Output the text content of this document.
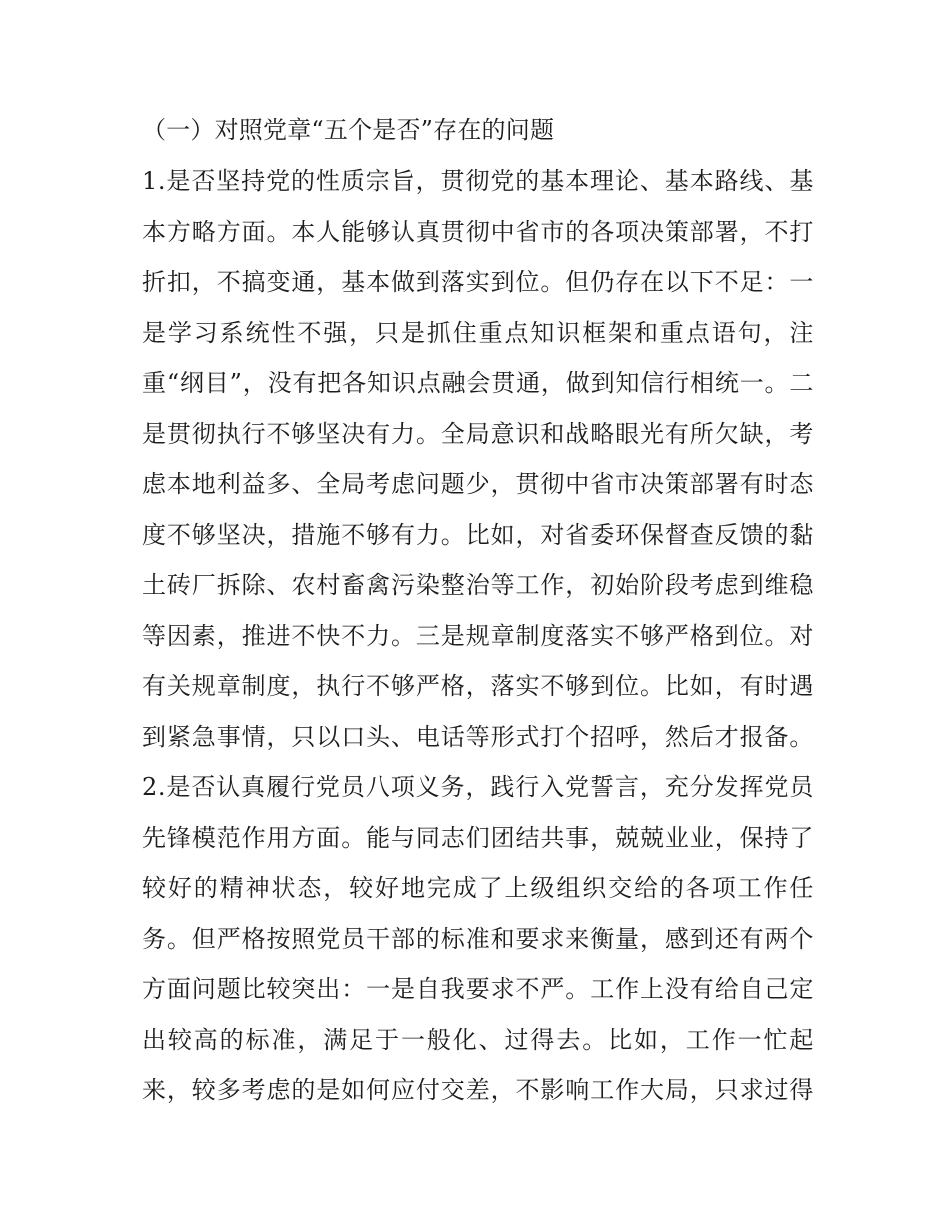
（一）对照党章“五个是否”存在的问题
1.是否坚持党的性质宗旨，贯彻党的基本理论、基本路线、基
本方略方面。本人能够认真贯彻中省市的各项决策部署，不打
折扣，不搞变通，基本做到落实到位。但仍存在以下不足：一
是学习系统性不强，只是抓住重点知识框架和重点语句，注
重“纲目”，没有把各知识点融会贯通，做到知信行相统一。二
是贯彻执行不够坚决有力。全局意识和战略眼光有所欠缺，考
虑本地利益多、全局考虑问题少，贯彻中省市决策部署有时态
度不够坚决，措施不够有力。比如，对省委环保督查反馈的黏
土砖厂拆除、农村畜禽污染整治等工作，初始阶段考虑到维稳
等因素，推进不快不力。三是规章制度落实不够严格到位。对
有关规章制度，执行不够严格，落实不够到位。比如，有时遇
到紧急事情，只以口头、电话等形式打个招呼，然后才报备。
2.是否认真履行党员八项义务，践行入党誓言，充分发挥党员
先锋模范作用方面。能与同志们团结共事，兢兢业业，保持了
较好的精神状态，较好地完成了上级组织交给的各项工作任
务。但严格按照党员干部的标准和要求来衡量，感到还有两个
方面问题比较突出：一是自我要求不严。工作上没有给自己定
出较高的标准，满足于一般化、过得去。比如，工作一忙起
来，较多考虑的是如何应付交差，不影响工作大局，只求过得
